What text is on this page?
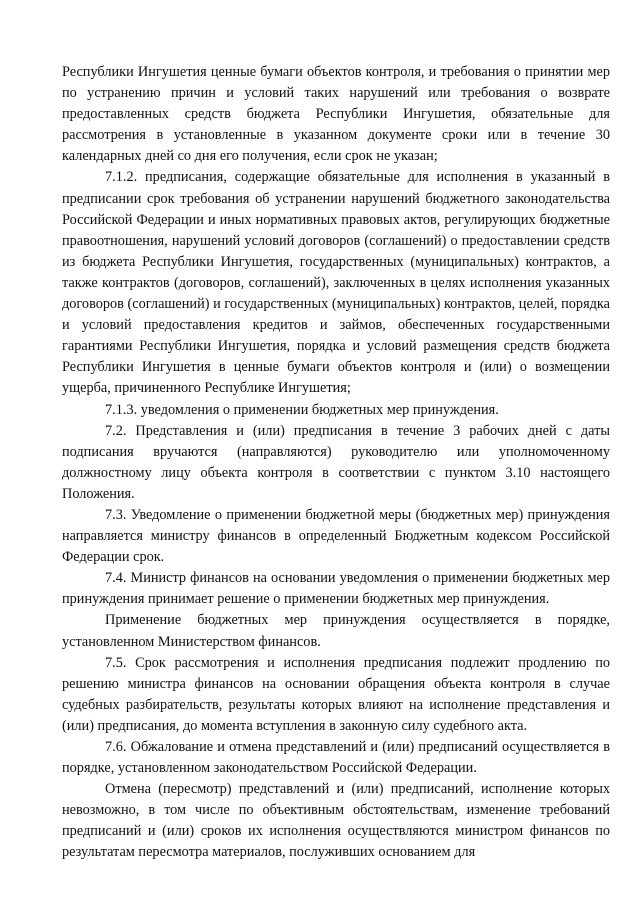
Республики Ингушетия ценные бумаги объектов контроля, и требования о принятии мер по устранению причин и условий таких нарушений или требования о возврате предоставленных средств бюджета Республики Ингушетия, обязательные для рассмотрения в установленные в указанном документе сроки или в течение 30 календарных дней со дня его получения, если срок не указан;

7.1.2. предписания, содержащие обязательные для исполнения в указанный в предписании срок требования об устранении нарушений бюджетного законодательства Российской Федерации и иных нормативных правовых актов, регулирующих бюджетные правоотношения, нарушений условий договоров (соглашений) о предоставлении средств из бюджета Республики Ингушетия, государственных (муниципальных) контрактов, а также контрактов (договоров, соглашений), заключенных в целях исполнения указанных договоров (соглашений) и государственных (муниципальных) контрактов, целей, порядка и условий предоставления кредитов и займов, обеспеченных государственными гарантиями Республики Ингушетия, порядка и условий размещения средств бюджета Республики Ингушетия в ценные бумаги объектов контроля и (или) о возмещении ущерба, причиненного Республике Ингушетия;

7.1.3. уведомления о применении бюджетных мер принуждения.

7.2. Представления и (или) предписания в течение 3 рабочих дней с даты подписания вручаются (направляются) руководителю или уполномоченному должностному лицу объекта контроля в соответствии с пунктом 3.10 настоящего Положения.

7.3. Уведомление о применении бюджетной меры (бюджетных мер) принуждения направляется министру финансов в определенный Бюджетным кодексом Российской Федерации срок.

7.4. Министр финансов на основании уведомления о применении бюджетных мер принуждения принимает решение о применении бюджетных мер принуждения.

Применение бюджетных мер принуждения осуществляется в порядке, установленном Министерством финансов.

7.5. Срок рассмотрения и исполнения предписания подлежит продлению по решению министра финансов на основании обращения объекта контроля в случае судебных разбирательств, результаты которых влияют на исполнение представления и (или) предписания, до момента вступления в законную силу судебного акта.

7.6. Обжалование и отмена представлений и (или) предписаний осуществляется в порядке, установленном законодательством Российской Федерации.

Отмена (пересмотр) представлений и (или) предписаний, исполнение которых невозможно, в том числе по объективным обстоятельствам, изменение требований предписаний и (или) сроков их исполнения осуществляются министром финансов по результатам пересмотра материалов, послуживших основанием для
